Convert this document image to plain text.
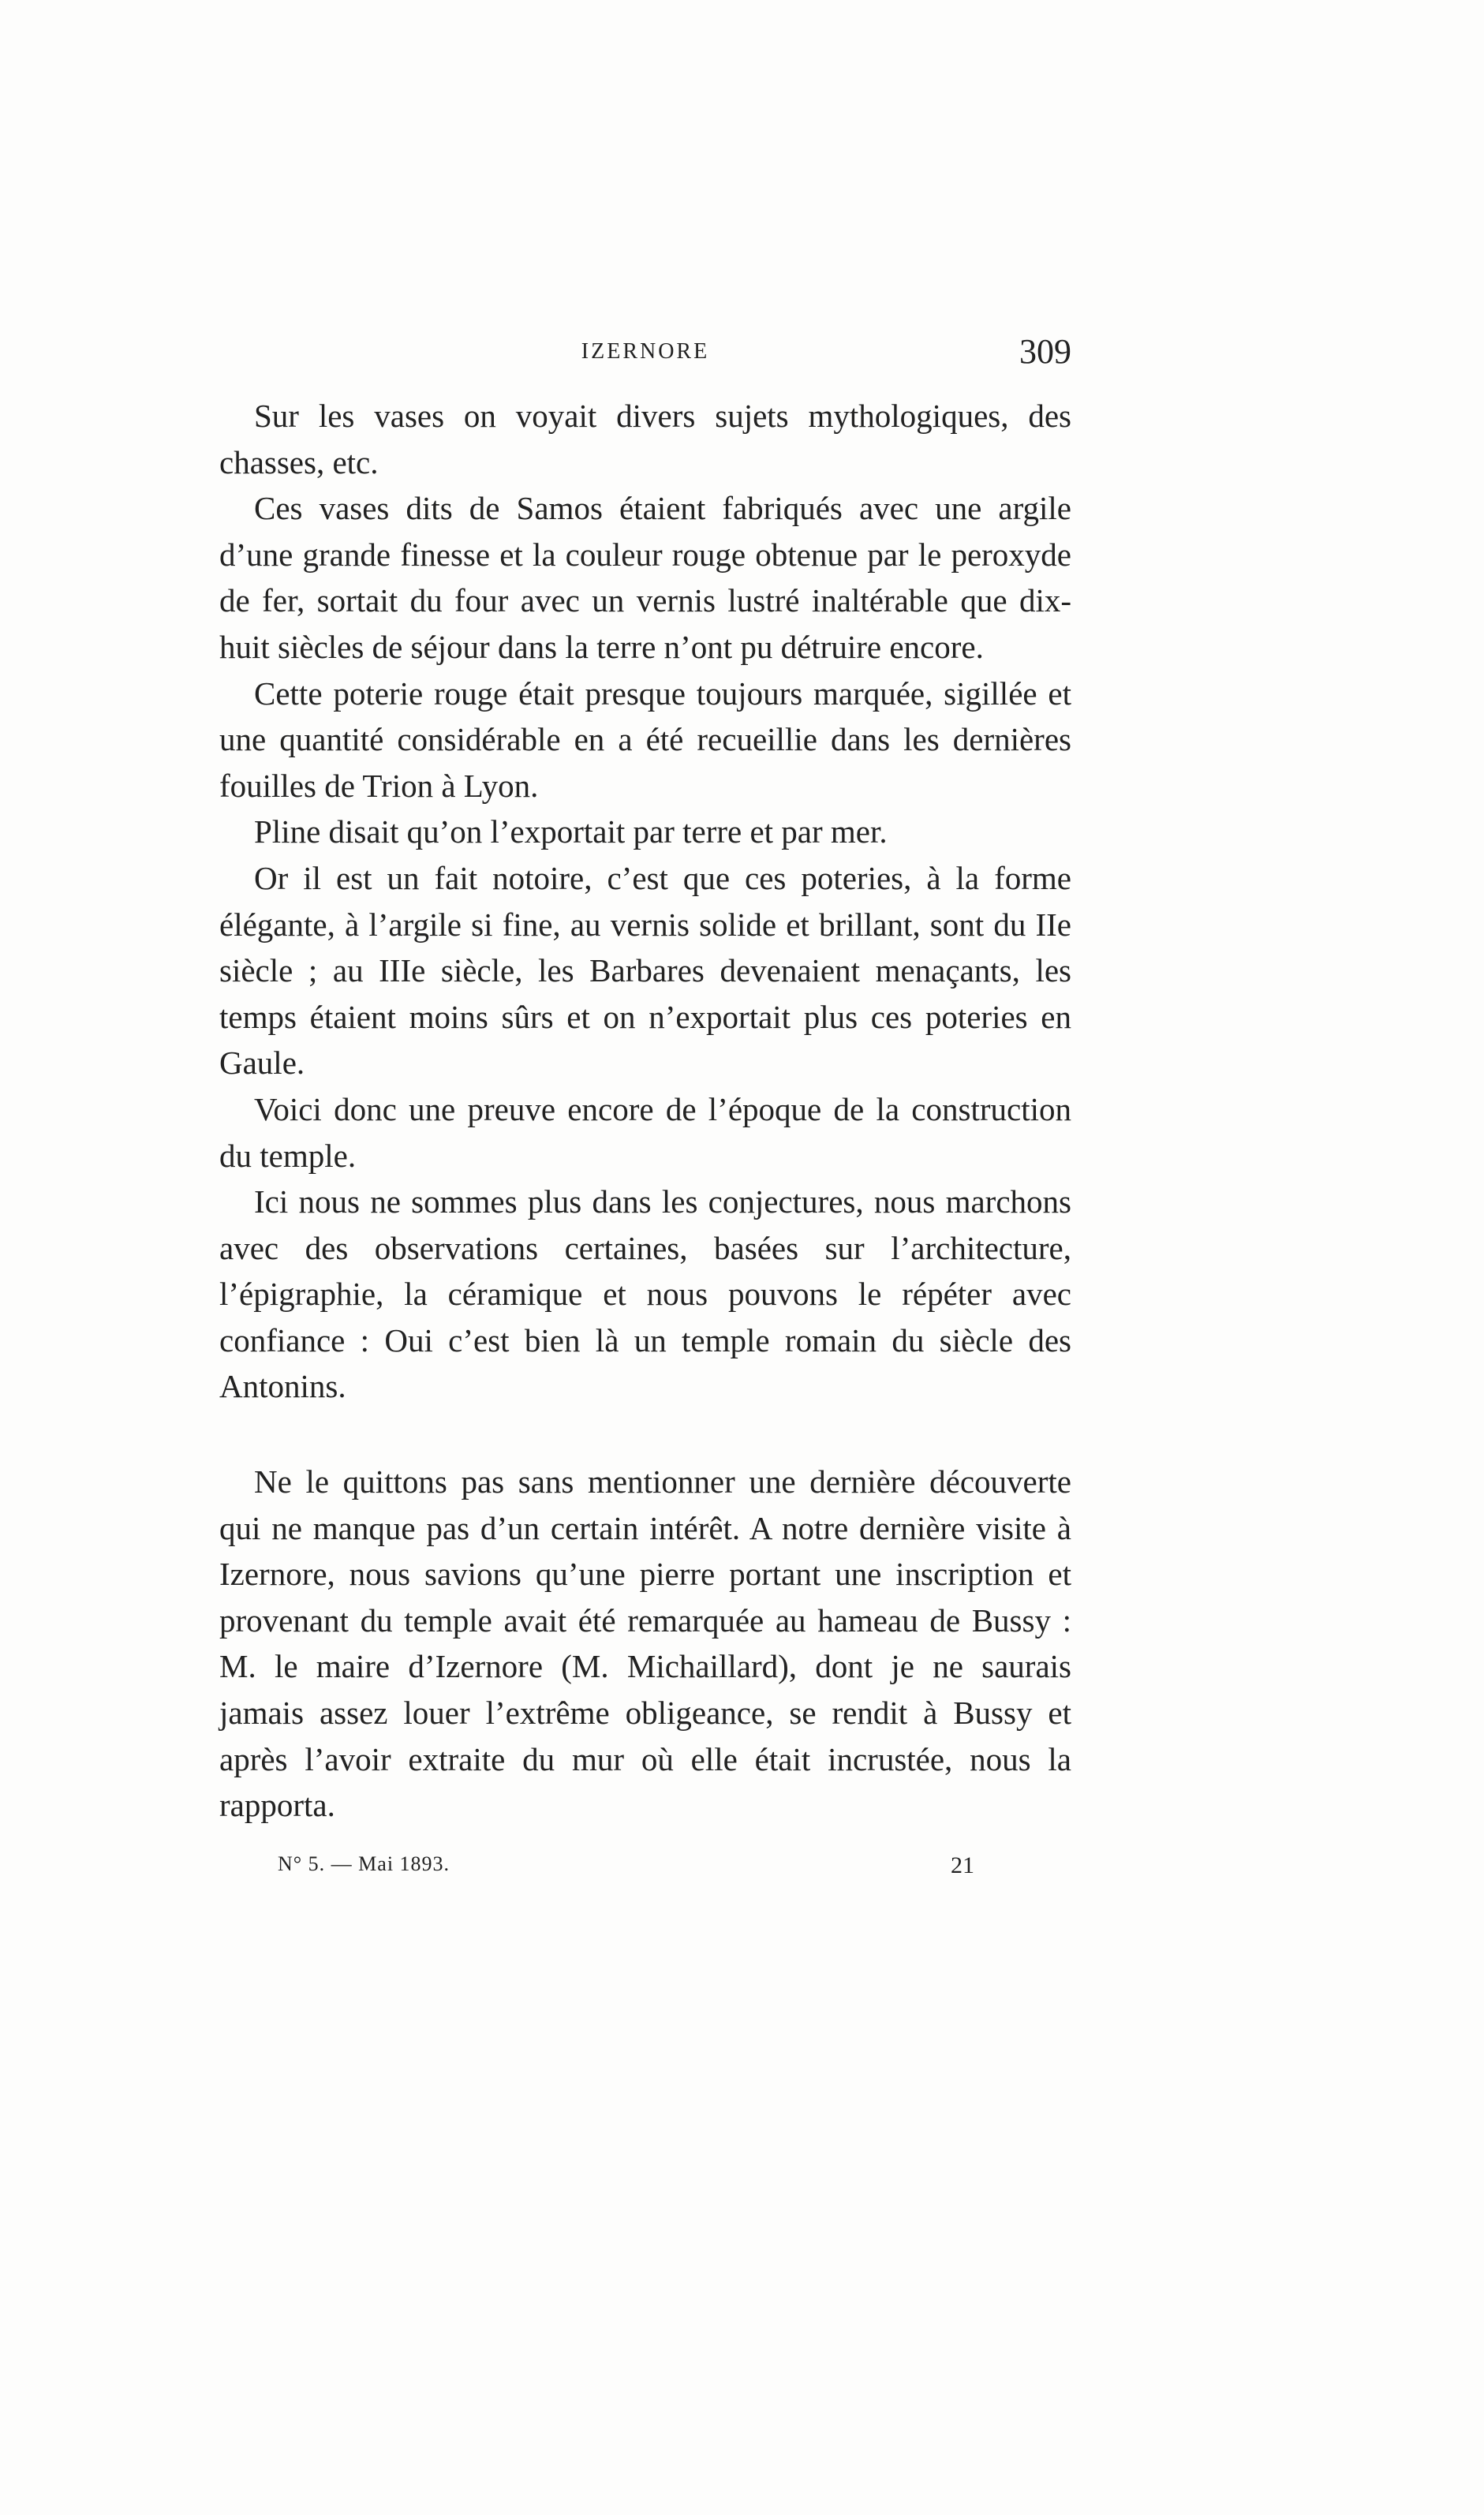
IZERNORE	309

Sur les vases on voyait divers sujets mythologiques, des chasses, etc.

Ces vases dits de Samos étaient fabriqués avec une argile d’une grande finesse et la couleur rouge obtenue par le peroxyde de fer, sortait du four avec un vernis lustré inaltérable que dix-huit siècles de séjour dans la terre n’ont pu détruire encore.

Cette poterie rouge était presque toujours marquée, sigillée et une quantité considérable en a été recueillie dans les dernières fouilles de Trion à Lyon.

Pline disait qu’on l’exportait par terre et par mer.

Or il est un fait notoire, c’est que ces poteries, à la forme élégante, à l’argile si fine, au vernis solide et brillant, sont du IIe siècle ; au IIIe siècle, les Barbares devenaient menaçants, les temps étaient moins sûrs et on n’exportait plus ces poteries en Gaule.

Voici donc une preuve encore de l’époque de la construction du temple.

Ici nous ne sommes plus dans les conjectures, nous marchons avec des observations certaines, basées sur l’architecture, l’épigraphie, la céramique et nous pouvons le répéter avec confiance : Oui c’est bien là un temple romain du siècle des Antonins.

Ne le quittons pas sans mentionner une dernière découverte qui ne manque pas d’un certain intérêt. A notre dernière visite à Izernore, nous savions qu’une pierre portant une inscription et provenant du temple avait été remarquée au hameau de Bussy : M. le maire d’Izernore (M. Michaillard), dont je ne saurais jamais assez louer l’extrême obligeance, se rendit à Bussy et après l’avoir extraite du mur où elle était incrustée, nous la rapporta.

N° 5. — Mai 1893.	21
